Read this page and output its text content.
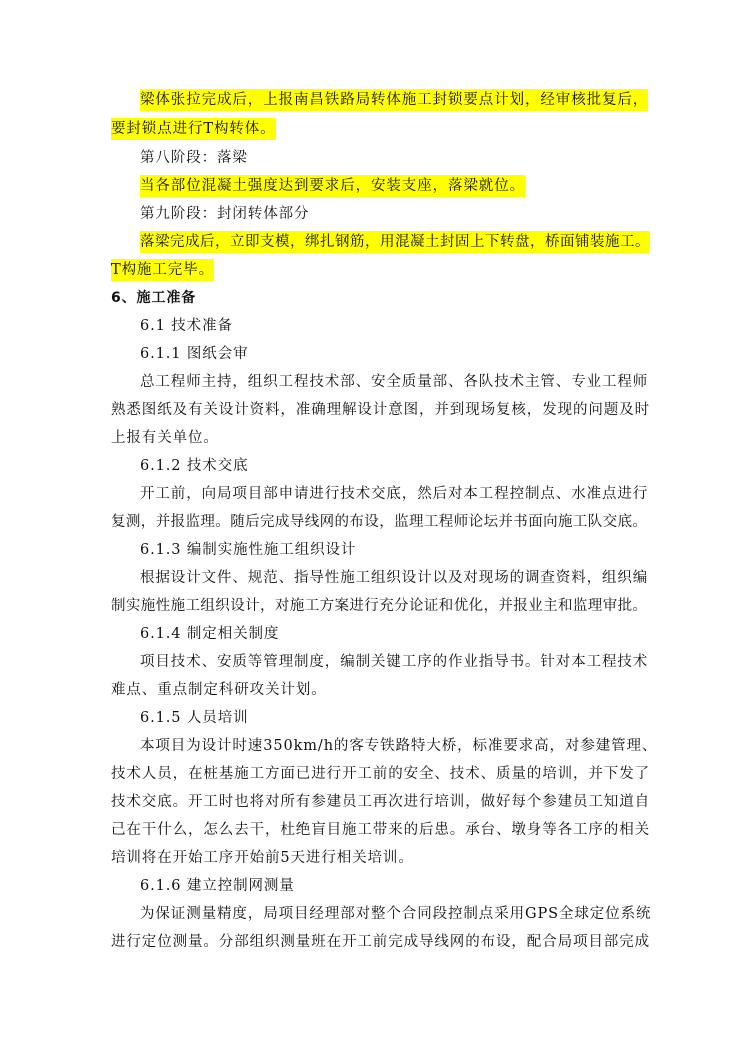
梁体张拉完成后，上报南昌铁路局转体施工封锁要点计划，经审核批复后，
要封锁点进行T构转体。
第八阶段：落梁
当各部位混凝土强度达到要求后，安装支座，落梁就位。
第九阶段：封闭转体部分
落梁完成后，立即支模，绑扎钢筋，用混凝土封固上下转盘，桥面铺装施工。
T构施工完毕。
6、施工准备
6.1 技术准备
6.1.1 图纸会审
总工程师主持，组织工程技术部、安全质量部、各队技术主管、专业工程师
熟悉图纸及有关设计资料，准确理解设计意图，并到现场复核，发现的问题及时
上报有关单位。
6.1.2 技术交底
开工前，向局项目部申请进行技术交底，然后对本工程控制点、水准点进行
复测，并报监理。随后完成导线网的布设，监理工程师论坛并书面向施工队交底。
6.1.3 编制实施性施工组织设计
根据设计文件、规范、指导性施工组织设计以及对现场的调查资料，组织编
制实施性施工组织设计，对施工方案进行充分论证和优化，并报业主和监理审批。
6.1.4 制定相关制度
项目技术、安质等管理制度，编制关键工序的作业指导书。针对本工程技术
难点、重点制定科研攻关计划。
6.1.5 人员培训
本项目为设计时速350km/h的客专铁路特大桥，标准要求高，对参建管理、
技术人员，在桩基施工方面已进行开工前的安全、技术、质量的培训，并下发了
技术交底。开工时也将对所有参建员工再次进行培训，做好每个参建员工知道自
己在干什么，怎么去干，杜绝盲目施工带来的后患。承台、墩身等各工序的相关
培训将在开始工序开始前5天进行相关培训。
6.1.6 建立控制网测量
为保证测量精度，局项目经理部对整个合同段控制点采用GPS全球定位系统
进行定位测量。分部组织测量班在开工前完成导线网的布设，配合局项目部完成
